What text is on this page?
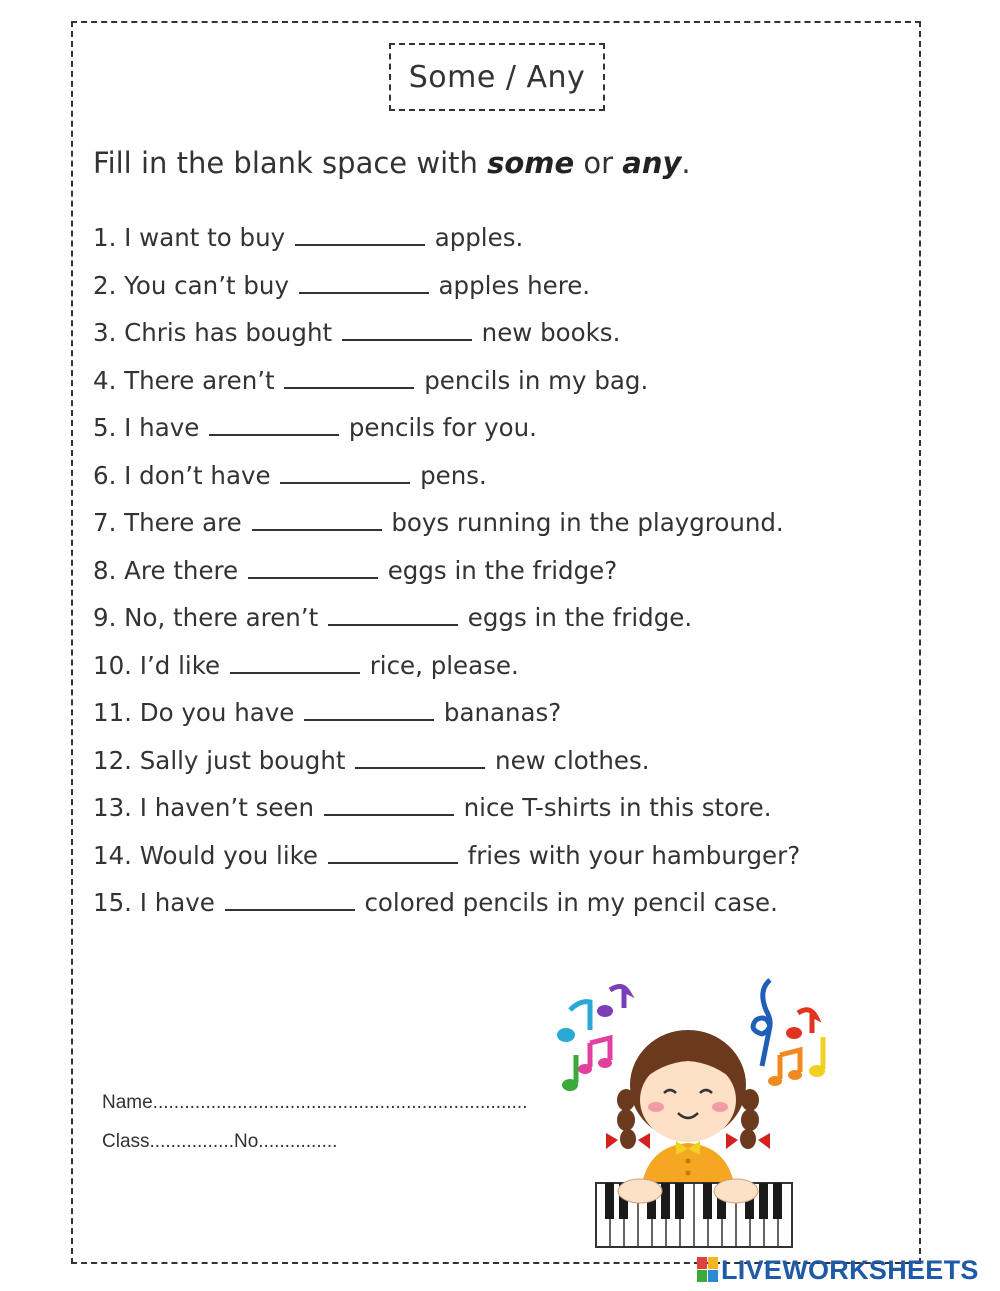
Some / Any
Fill in the blank space with some or any.
1. I want to buy	apples.
2. You can’t buy	apples here.
3. Chris has bought	new books.
4. There aren’t	pencils in my bag.
5. I have	pencils for you.
6. I don’t have	pens.
7. There are	boys running in the playground.
8. Are there	eggs in the fridge?
9. No, there aren’t	eggs in the fridge.
10. I’d like	rice, please.
11. Do you have	bananas?
12. Sally just bought	new clothes.
13. I haven’t seen	nice T-shirts in this store.
14. Would you like	fries with your hamburger?
15. I have	colored pencils in my pencil case.
Name.......................................................................
Class................No...............
LIVEWORKSHEETS
